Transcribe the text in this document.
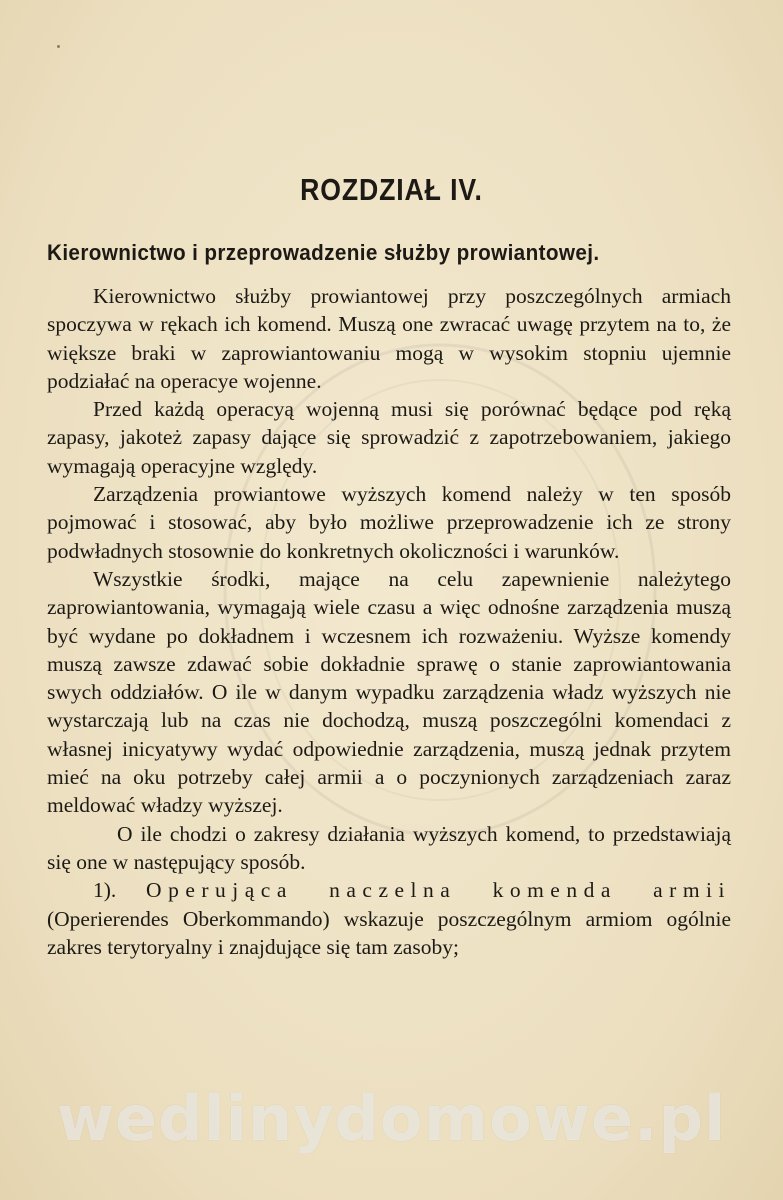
ROZDZIAŁ IV.
Kierownictwo i przeprowadzenie służby prowiantowej.

Kierownictwo służby prowiantowej przy poszczególnych armiach spoczywa w rękach ich komend. Muszą one zwracać uwagę przytem na to, że większe braki w zaprowiantowaniu mogą w wysokim stopniu ujemnie podziałać na operacye wojenne.

Przed każdą operacyą wojenną musi się porównać będące pod ręką zapasy, jakoteż zapasy dające się sprowadzić z zapotrzebowaniem, jakiego wymagają operacyjne względy.

Zarządzenia prowiantowe wyższych komend należy w ten sposób pojmować i stosować, aby było możliwe przeprowadzenie ich ze strony podwładnych stosownie do konkretnych okoliczności i warunków.

Wszystkie środki, mające na celu zapewnienie należytego zaprowiantowania, wymagają wiele czasu a więc odnośne zarządzenia muszą być wydane po dokładnem i wczesnem ich rozważeniu. Wyższe komendy muszą zawsze zdawać sobie dokładnie sprawę o stanie zaprowiantowania swych oddziałów. O ile w danym wypadku zarządzenia władz wyższych nie wystarczają lub na czas nie dochodzą, muszą poszczególni komendaci z własnej inicyatywy wydać odpowiednie zarządzenia, muszą jednak przytem mieć na oku potrzeby całej armii a o poczynionych zarządzeniach zaraz meldować władzy wyższej.

O ile chodzi o zakresy działania wyższych komend, to przedstawiają się one w następujący sposób.

1). Operująca naczelna komenda armii (Operierendes Oberkommando) wskazuje poszczególnym armiom ogólnie zakres terytoryalny i znajdujące się tam zasoby;

wedlinydomowe.pl
